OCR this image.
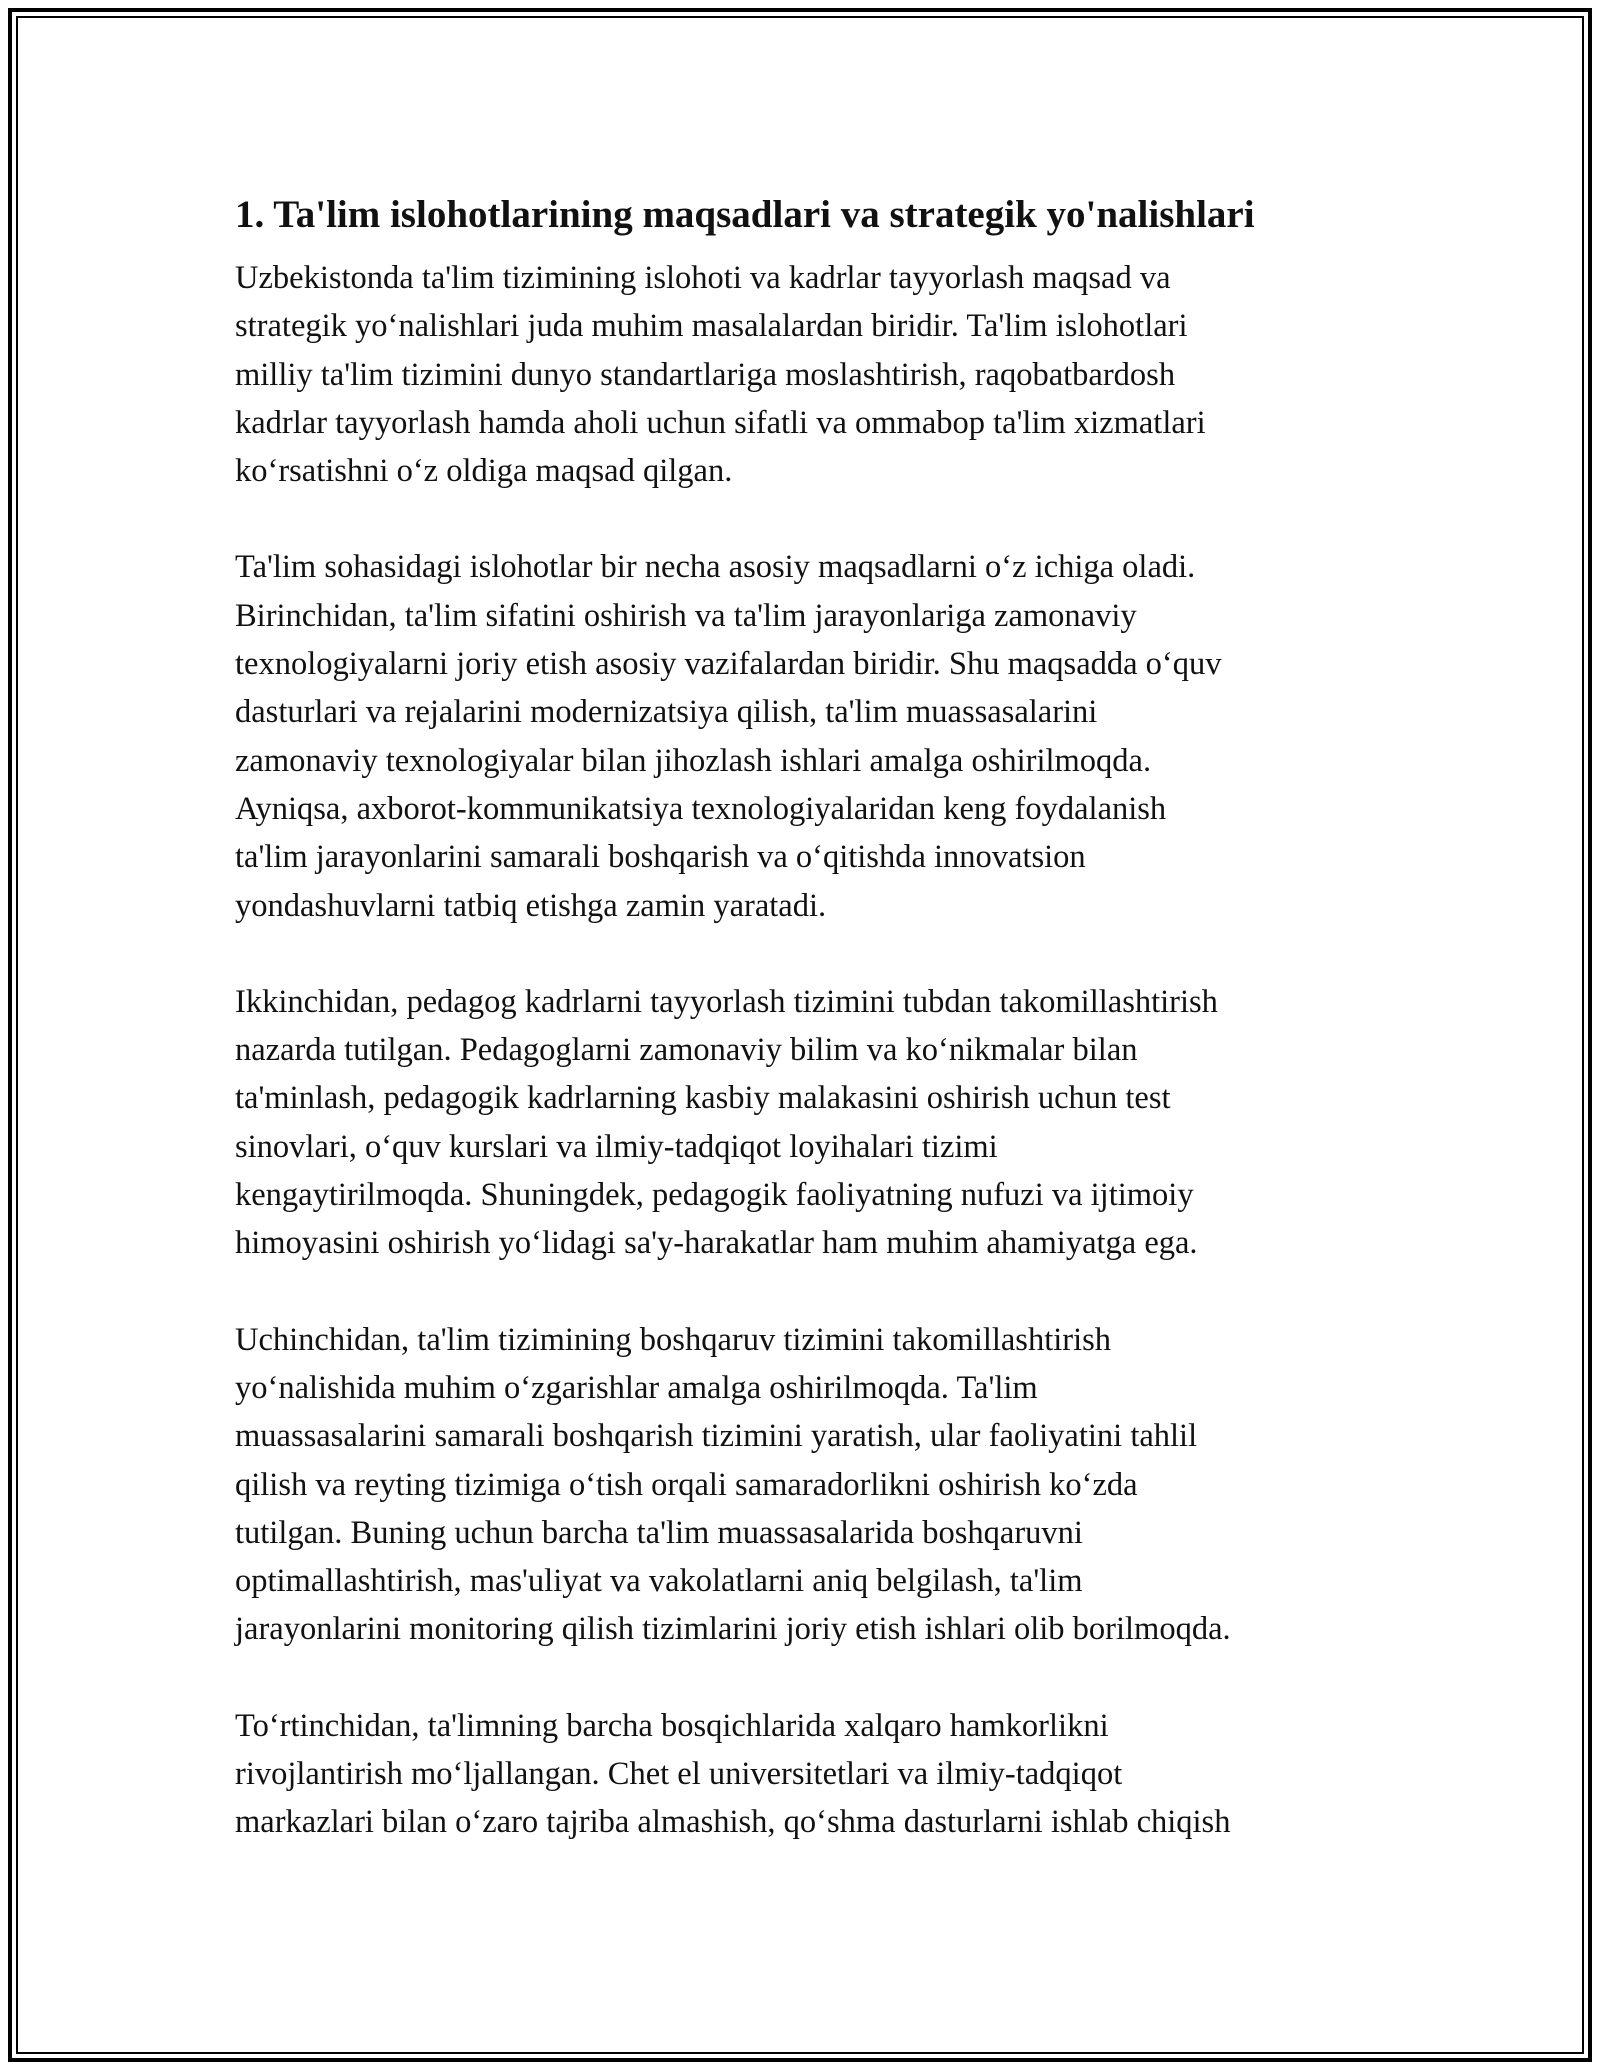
1. Ta'lim islohotlarining maqsadlari va strategik yo'nalishlari

Uzbekistonda ta'lim tizimining islohoti va kadrlar tayyorlash maqsad va
strategik yo‘nalishlari juda muhim masalalardan biridir. Ta'lim islohotlari
milliy ta'lim tizimini dunyo standartlariga moslashtirish, raqobatbardosh
kadrlar tayyorlash hamda aholi uchun sifatli va ommabop ta'lim xizmatlari
ko‘rsatishni o‘z oldiga maqsad qilgan.

Ta'lim sohasidagi islohotlar bir necha asosiy maqsadlarni o‘z ichiga oladi.
Birinchidan, ta'lim sifatini oshirish va ta'lim jarayonlariga zamonaviy
texnologiyalarni joriy etish asosiy vazifalardan biridir. Shu maqsadda o‘quv
dasturlari va rejalarini modernizatsiya qilish, ta'lim muassasalarini
zamonaviy texnologiyalar bilan jihozlash ishlari amalga oshirilmoqda.
Ayniqsa, axborot-kommunikatsiya texnologiyalaridan keng foydalanish
ta'lim jarayonlarini samarali boshqarish va o‘qitishda innovatsion
yondashuvlarni tatbiq etishga zamin yaratadi.

Ikkinchidan, pedagog kadrlarni tayyorlash tizimini tubdan takomillashtirish
nazarda tutilgan. Pedagoglarni zamonaviy bilim va ko‘nikmalar bilan
ta'minlash, pedagogik kadrlarning kasbiy malakasini oshirish uchun test
sinovlari, o‘quv kurslari va ilmiy-tadqiqot loyihalari tizimi
kengaytirilmoqda. Shuningdek, pedagogik faoliyatning nufuzi va ijtimoiy
himoyasini oshirish yo‘lidagi sa'y-harakatlar ham muhim ahamiyatga ega.

Uchinchidan, ta'lim tizimining boshqaruv tizimini takomillashtirish
yo‘nalishida muhim o‘zgarishlar amalga oshirilmoqda. Ta'lim
muassasalarini samarali boshqarish tizimini yaratish, ular faoliyatini tahlil
qilish va reyting tizimiga o‘tish orqali samaradorlikni oshirish ko‘zda
tutilgan. Buning uchun barcha ta'lim muassasalarida boshqaruvni
optimallashtirish, mas'uliyat va vakolatlarni aniq belgilash, ta'lim
jarayonlarini monitoring qilish tizimlarini joriy etish ishlari olib borilmoqda.

To‘rtinchidan, ta'limning barcha bosqichlarida xalqaro hamkorlikni
rivojlantirish mo‘ljallangan. Chet el universitetlari va ilmiy-tadqiqot
markazlari bilan o‘zaro tajriba almashish, qo‘shma dasturlarni ishlab chiqish
